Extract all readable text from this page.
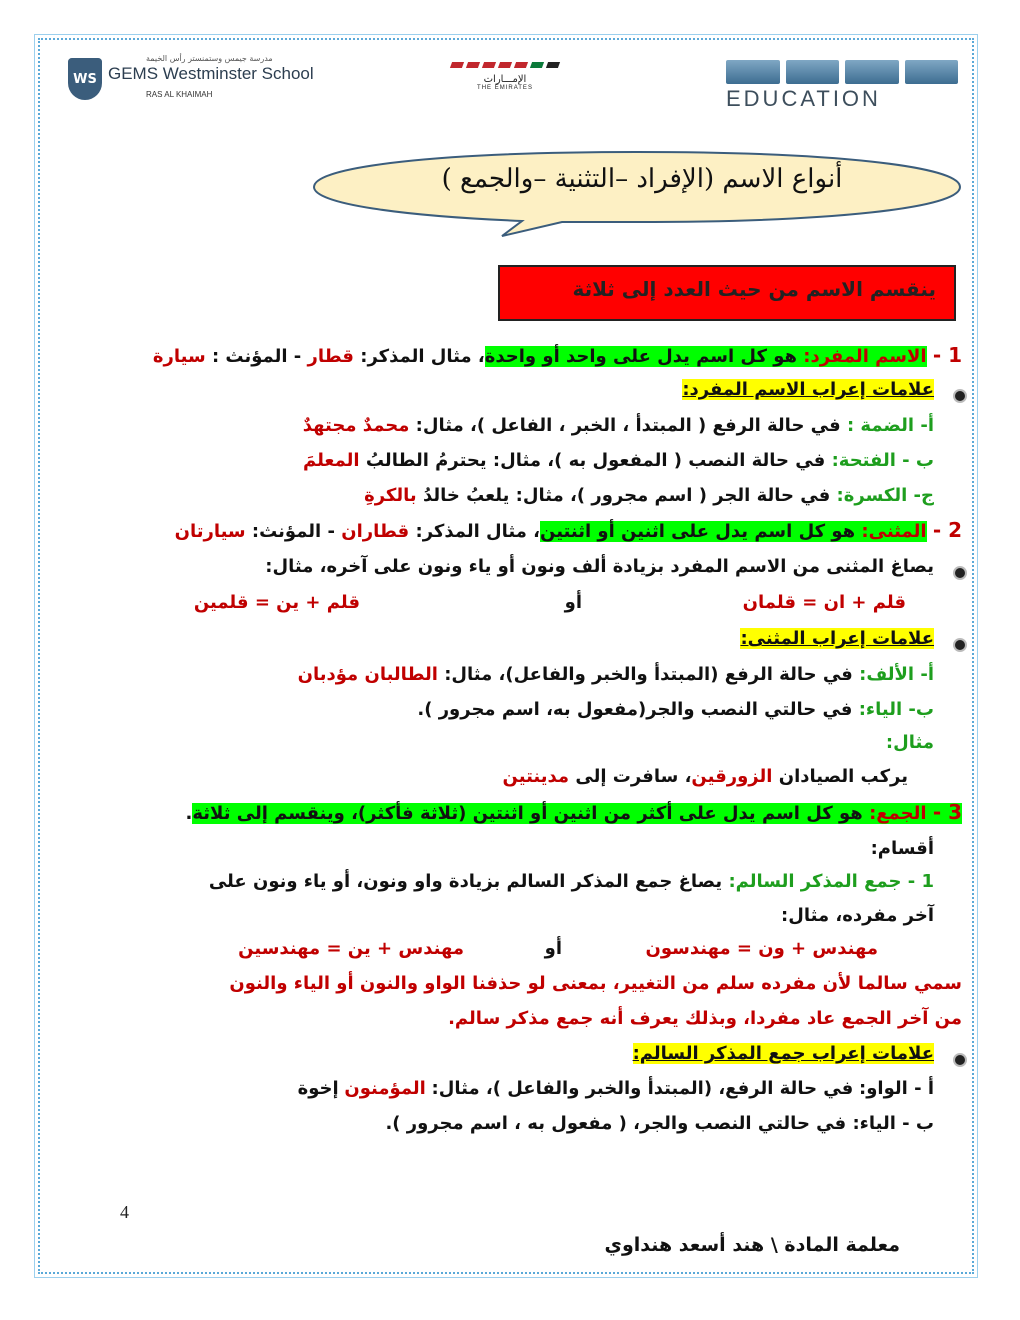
WS
مدرسة جيمس وستمنستر رأس الخيمة
GEMS Westminster School
RAS AL KHAIMAH
الإمـــارات
THE EMIRATES	EDUCATION
أنواع الاسم (الإفراد –التثنية –والجمع )
ينقسم الاسم من حيث العدد إلى ثلاثة
1 - الاسم المفرد: هو كل اسم يدل على واحد أو واحدة، مثال المذكر: قطار - المؤنث : سيارة
علامات إعراب الاسم المفرد:
أ- الضمة : في حالة الرفع ( المبتدأ ، الخبر ، الفاعل )، مثال: محمدٌ مجتهدٌ
ب - الفتحة: في حالة النصب ( المفعول به )، مثال: يحترمُ الطالبُ المعلمَ
ج- الكسرة: في حالة الجر ( اسم مجرور )، مثال: يلعبُ خالدُ بالكرةِ
2 - المثنى: هو كل اسم يدل على اثنين أو اثنتين، مثال المذكر: قطاران - المؤنث: سيارتان
يصاغ المثنى من الاسم المفرد بزيادة ألف ونون أو ياء ونون على آخره، مثال:
قلم + ان = قلمان
أو
قلم + ين = قلمين
علامات إعراب المثنى:
أ- الألف: في حالة الرفع (المبتدأ والخبر والفاعل)، مثال: الطالبان مؤدبان
ب- الياء: في حالتي النصب والجر(مفعول به، اسم مجرور ).
مثال:
يركب الصيادان الزورقين، سافرت إلى مدينتين
3 - الجمع: هو كل اسم يدل على أكثر من اثنين أو اثنتين (ثلاثة فأكثر)، وينقسم إلى ثلاثة.
أقسام:
1 - جمع المذكر السالم: يصاغ جمع المذكر السالم بزيادة واو ونون، أو ياء ونون على
آخر مفرده، مثال:
مهندس + ون = مهندسون
أو
مهندس + ين = مهندسين
سمي سالما لأن مفرده سلم من التغيير، بمعنى لو حذفنا الواو والنون أو الياء والنون
من آخر الجمع عاد مفردا، وبذلك يعرف أنه جمع مذكر سالم.
علامات إعراب جمع المذكر السالم:
أ - الواو: في حالة الرفع، (المبتدأ والخبر والفاعل )، مثال: المؤمنون إخوة
ب - الياء: في حالتي النصب والجر، ( مفعول به ، اسم مجرور ).
4
معلمة المادة \ هند أسعد هنداوي
